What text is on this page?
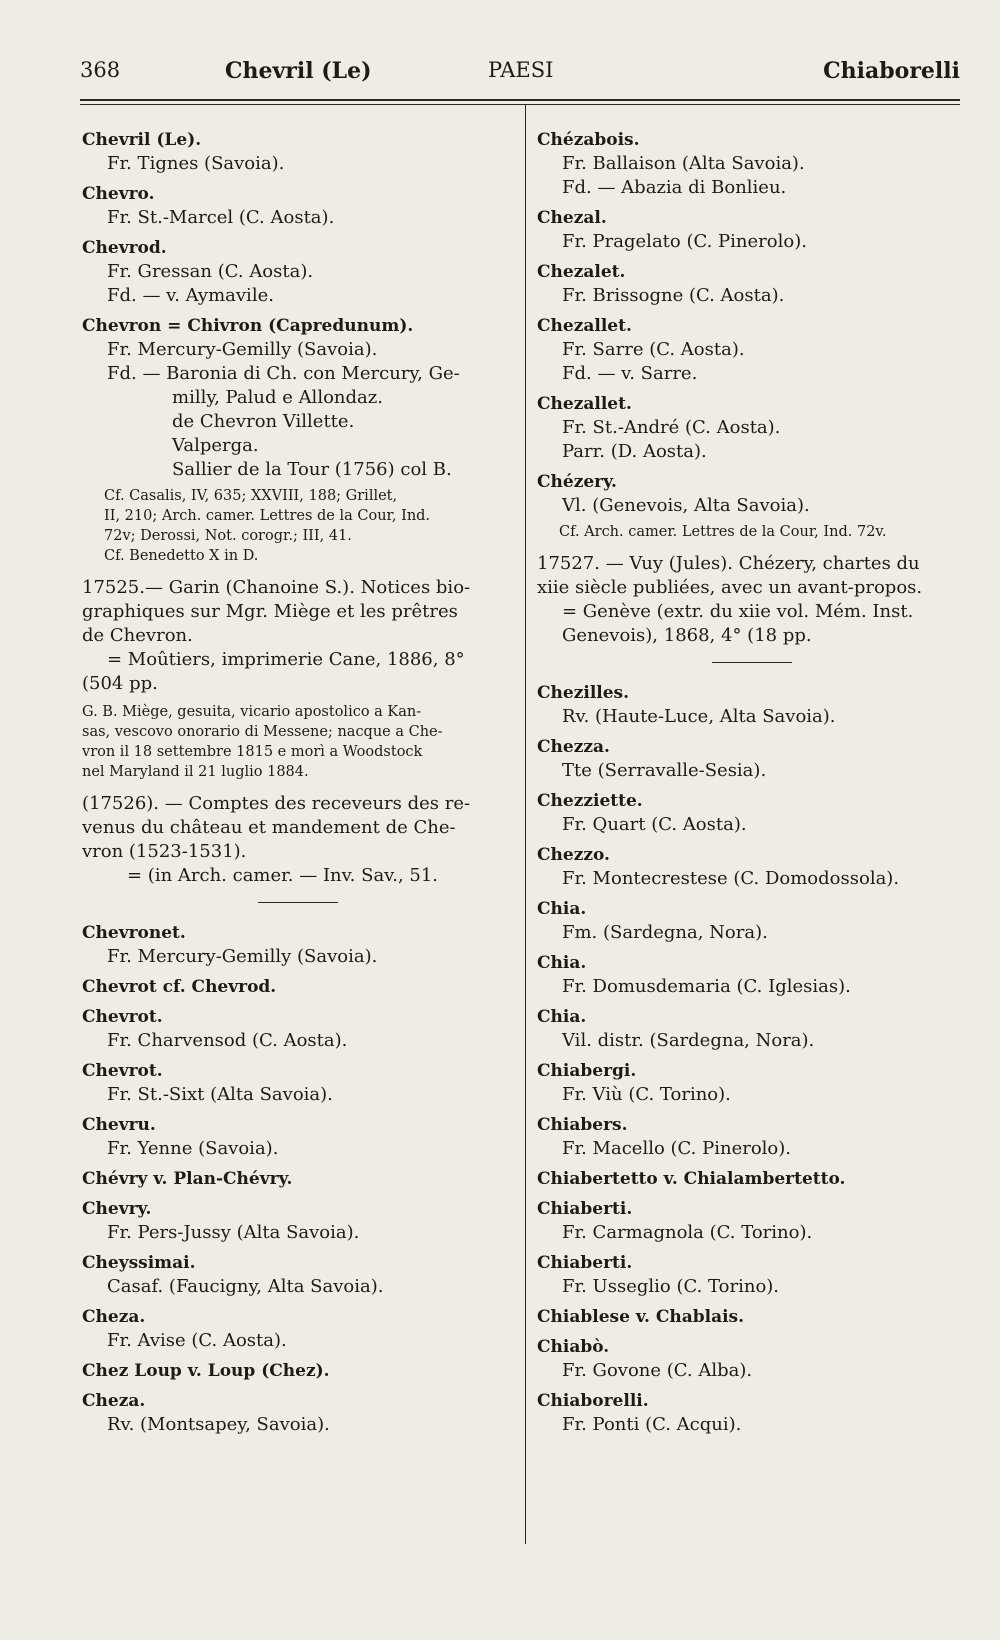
368	Chevril (Le)	PAESI	Chiaborelli
Chevril (Le).
Fr. Tignes (Savoia).
Chevro.
Fr. St.-Marcel (C. Aosta).
Chevrod.
Fr. Gressan (C. Aosta).
Fd. — v. Aymavile.
Chevron = Chivron (Capredunum).
Fr. Mercury-Gemilly (Savoia).
Fd. — Baronia di Ch. con Mercury, Ge-
milly, Palud e Allondaz.
de Chevron Villette.
Valperga.
Sallier de la Tour (1756) col B.
Cf. Casalis, IV, 635; XXVIII, 188; Grillet,
II, 210; Arch. camer. Lettres de la Cour, Ind.
72v; Derossi, Not. corogr.; III, 41.
Cf. Benedetto X in D.
17525.— Garin (Chanoine S.). Notices bio-
graphiques sur Mgr. Miège et les prêtres
de Chevron.
= Moûtiers, imprimerie Cane, 1886, 8°
(504 pp.
G. B. Miège, gesuita, vicario apostolico a Kan-
sas, vescovo onorario di Messene; nacque a Che-
vron il 18 settembre 1815 e morì a Woodstock
nel Maryland il 21 luglio 1884.
(17526). — Comptes des receveurs des re-
venus du château et mandement de Che-
vron (1523-1531).
= (in Arch. camer. — Inv. Sav., 51.
Chevronet.
Fr. Mercury-Gemilly (Savoia).
Chevrot cf. Chevrod.
Chevrot.
Fr. Charvensod (C. Aosta).
Chevrot.
Fr. St.-Sixt (Alta Savoia).
Chevru.
Fr. Yenne (Savoia).
Chévry v. Plan-Chévry.
Chevry.
Fr. Pers-Jussy (Alta Savoia).
Cheyssimai.
Casaf. (Faucigny, Alta Savoia).
Cheza.
Fr. Avise (C. Aosta).
Chez Loup v. Loup (Chez).
Cheza.
Rv. (Montsapey, Savoia).
Chézabois.
Fr. Ballaison (Alta Savoia).
Fd. — Abazia di Bonlieu.
Chezal.
Fr. Pragelato (C. Pinerolo).
Chezalet.
Fr. Brissogne (C. Aosta).
Chezallet.
Fr. Sarre (C. Aosta).
Fd. — v. Sarre.
Chezallet.
Fr. St.-André (C. Aosta).
Parr. (D. Aosta).
Chézery.
Vl. (Genevois, Alta Savoia).
Cf. Arch. camer. Lettres de la Cour, Ind. 72v.
17527. — Vuy (Jules). Chézery, chartes du
xiie siècle publiées, avec un avant-propos.
= Genève (extr. du xiie vol. Mém. Inst.
Genevois), 1868, 4° (18 pp.
Chezilles.
Rv. (Haute-Luce, Alta Savoia).
Chezza.
Tte (Serravalle-Sesia).
Chezziette.
Fr. Quart (C. Aosta).
Chezzo.
Fr. Montecrestese (C. Domodossola).
Chia.
Fm. (Sardegna, Nora).
Chia.
Fr. Domusdemaria (C. Iglesias).
Chia.
Vil. distr. (Sardegna, Nora).
Chiabergi.
Fr. Viù (C. Torino).
Chiabers.
Fr. Macello (C. Pinerolo).
Chiabertetto v. Chialambertetto.
Chiaberti.
Fr. Carmagnola (C. Torino).
Chiaberti.
Fr. Usseglio (C. Torino).
Chiablese v. Chablais.
Chiabò.
Fr. Govone (C. Alba).
Chiaborelli.
Fr. Ponti (C. Acqui).
